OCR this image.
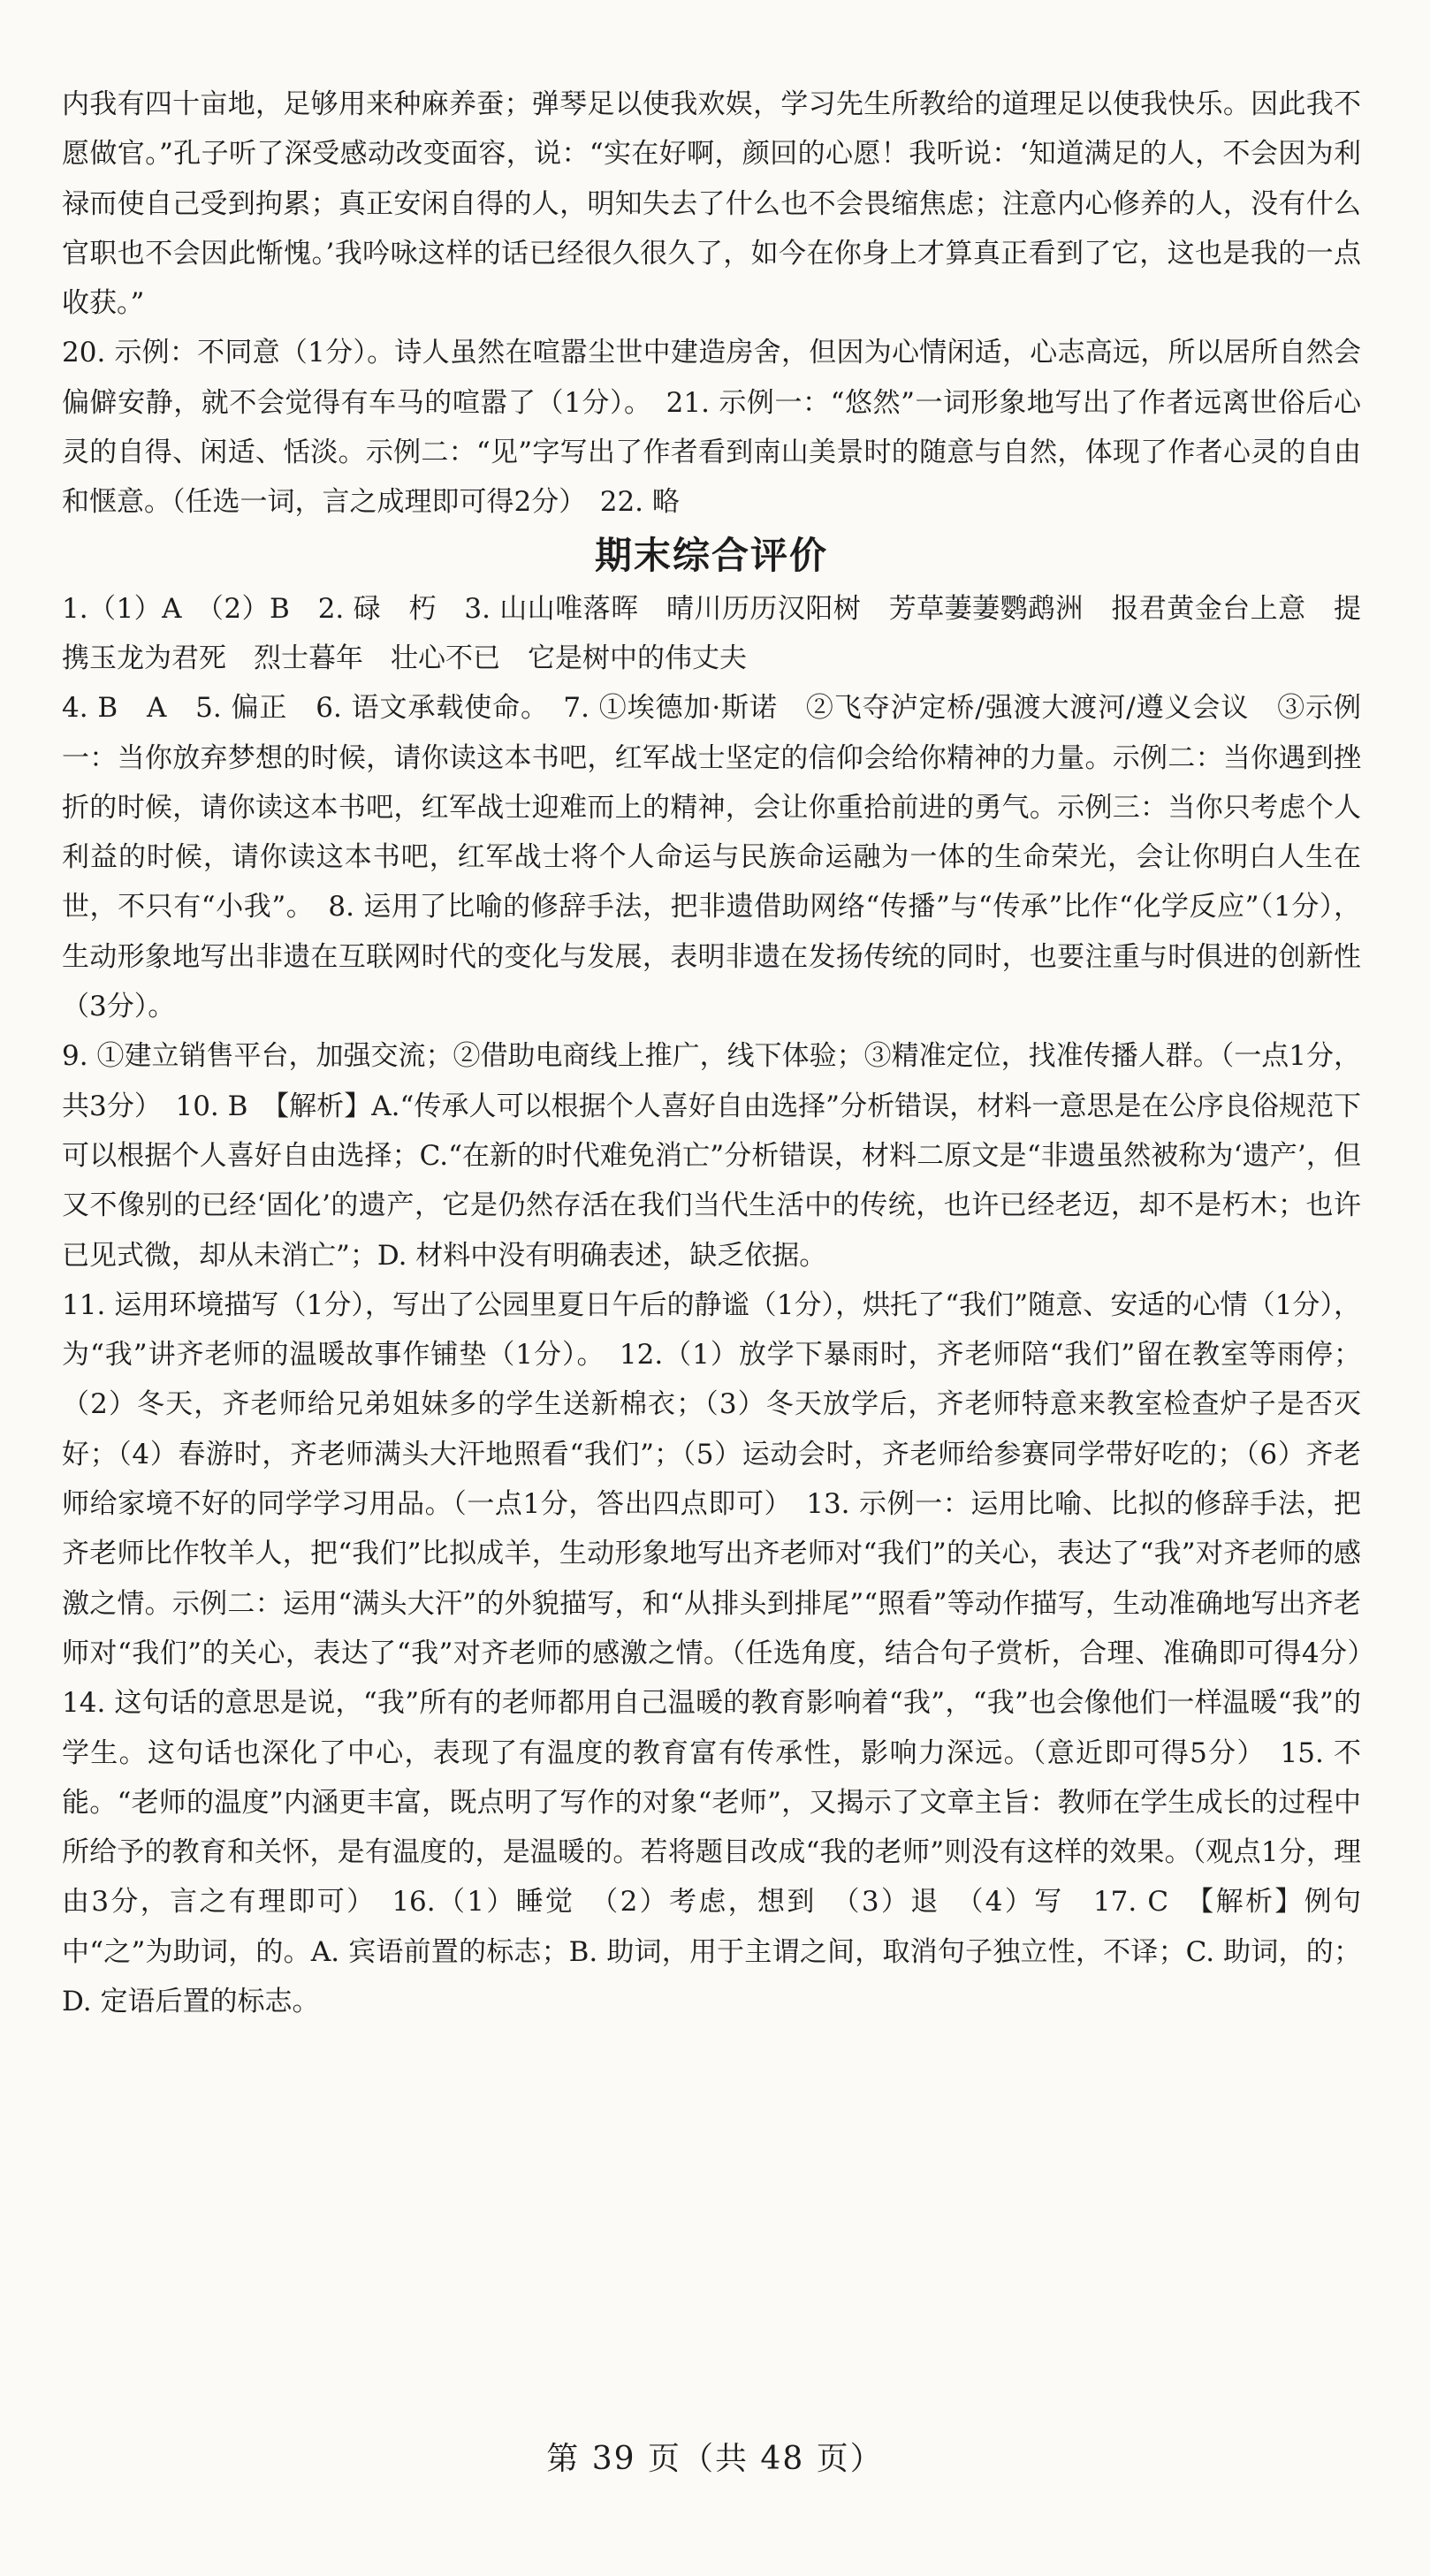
内我有四十亩地，足够用来种麻养蚕；弹琴足以使我欢娱，学习先生所教给的道理足以使我快乐。因此我不愿做官。”孔子听了深受感动改变面容，说：“实在好啊，颜回的心愿！我听说：‘知道满足的人，不会因为利禄而使自己受到拘累；真正安闲自得的人，明知失去了什么也不会畏缩焦虑；注意内心修养的人，没有什么官职也不会因此惭愧。’我吟咏这样的话已经很久很久了，如今在你身上才算真正看到了它，这也是我的一点收获。”

20. 示例：不同意（1分）。诗人虽然在喧嚣尘世中建造房舍，但因为心情闲适，心志高远，所以居所自然会偏僻安静，就不会觉得有车马的喧嚣了（1分）。　21. 示例一：“悠然”一词形象地写出了作者远离世俗后心灵的自得、闲适、恬淡。示例二：“见”字写出了作者看到南山美景时的随意与自然，体现了作者心灵的自由和惬意。（任选一词，言之成理即可得2分）　22. 略

期末综合评价

1.（1）A　（2）B　2. 碌　朽　3. 山山唯落晖　晴川历历汉阳树　芳草萋萋鹦鹉洲　报君黄金台上意　提携玉龙为君死　烈士暮年　壮心不已　它是树中的伟丈夫

4. B　A　5. 偏正　6. 语文承载使命。　7. ①埃德加·斯诺　②飞夺泸定桥/强渡大渡河/遵义会议　③示例一：当你放弃梦想的时候，请你读这本书吧，红军战士坚定的信仰会给你精神的力量。示例二：当你遇到挫折的时候，请你读这本书吧，红军战士迎难而上的精神，会让你重拾前进的勇气。示例三：当你只考虑个人利益的时候，请你读这本书吧，红军战士将个人命运与民族命运融为一体的生命荣光，会让你明白人生在世，不只有“小我”。　8. 运用了比喻的修辞手法，把非遗借助网络“传播”与“传承”比作“化学反应”（1分），生动形象地写出非遗在互联网时代的变化与发展，表明非遗在发扬传统的同时，也要注重与时俱进的创新性（3分）。

9. ①建立销售平台，加强交流；②借助电商线上推广，线下体验；③精准定位，找准传播人群。（一点1分，共3分）　10. B　【解析】A.“传承人可以根据个人喜好自由选择”分析错误，材料一意思是在公序良俗规范下可以根据个人喜好自由选择；C.“在新的时代难免消亡”分析错误，材料二原文是“非遗虽然被称为‘遗产’，但又不像别的已经‘固化’的遗产，它是仍然存活在我们当代生活中的传统，也许已经老迈，却不是朽木；也许已见式微，却从未消亡”；D. 材料中没有明确表述，缺乏依据。

11. 运用环境描写（1分），写出了公园里夏日午后的静谧（1分），烘托了“我们”随意、安适的心情（1分），为“我”讲齐老师的温暖故事作铺垫（1分）。　12.（1）放学下暴雨时，齐老师陪“我们”留在教室等雨停；（2）冬天，齐老师给兄弟姐妹多的学生送新棉衣；（3）冬天放学后，齐老师特意来教室检查炉子是否灭好；（4）春游时，齐老师满头大汗地照看“我们”；（5）运动会时，齐老师给参赛同学带好吃的；（6）齐老师给家境不好的同学学习用品。（一点1分，答出四点即可）　13. 示例一：运用比喻、比拟的修辞手法，把齐老师比作牧羊人，把“我们”比拟成羊，生动形象地写出齐老师对“我们”的关心，表达了“我”对齐老师的感激之情。示例二：运用“满头大汗”的外貌描写，和“从排头到排尾”“照看”等动作描写，生动准确地写出齐老师对“我们”的关心，表达了“我”对齐老师的感激之情。（任选角度，结合句子赏析，合理、准确即可得4分）　14. 这句话的意思是说，“我”所有的老师都用自己温暖的教育影响着“我”，“我”也会像他们一样温暖“我”的学生。这句话也深化了中心，表现了有温度的教育富有传承性，影响力深远。（意近即可得5分）　15. 不能。“老师的温度”内涵更丰富，既点明了写作的对象“老师”，又揭示了文章主旨：教师在学生成长的过程中所给予的教育和关怀，是有温度的，是温暖的。若将题目改成“我的老师”则没有这样的效果。（观点1分，理由3分，言之有理即可）　16.（1）睡觉　（2）考虑，想到　（3）退　（4）写　17. C　【解析】例句中“之”为助词，的。A. 宾语前置的标志；B. 助词，用于主谓之间，取消句子独立性，不译；C. 助词，的；D. 定语后置的标志。

第 39 页（共 48 页）
